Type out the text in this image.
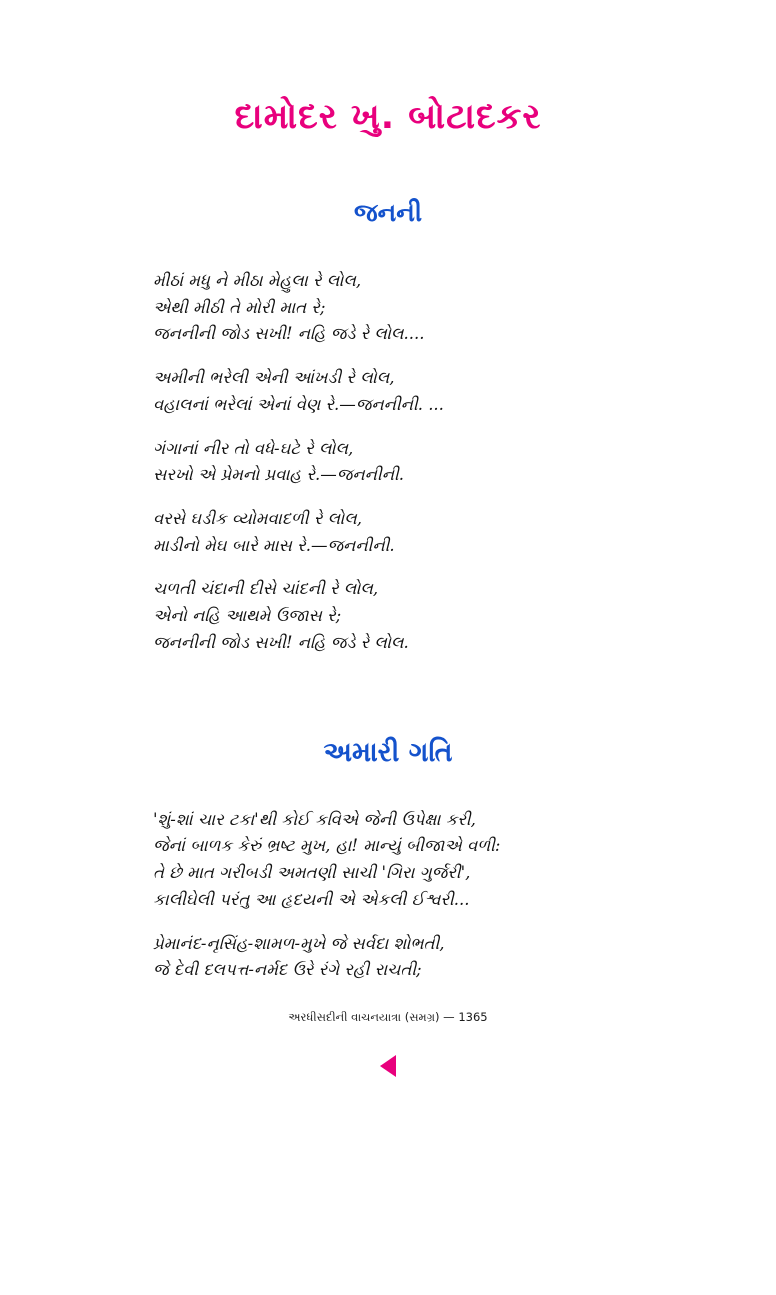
દામોદર ખુ. બોટાદકર
જનની
મીઠાં મધુ ને મીઠા મેહુલા રે લોલ,
એથી મીઠી તે મોરી માત રે;
જનનીની જોડ સખી! નહિ જડે રે લોલ....
અમીની ભરેલી એની આંખડી રે લોલ,
વહાલનાં ભરેલાં એનાં વેણ રે.—જનનીની. ...
ગંગાનાં નીર તો વધે-ઘટે રે લોલ,
સરખો એ પ્રેમનો પ્રવાહ રે.—જનનીની.
વરસે ઘડીક વ્યોમવાદળી રે લોલ,
માડીનો મેઘ બારે માસ રે.—જનનીની.
ચળતી ચંદાની દીસે ચાંદની રે લોલ,
એનો નહિ આથમે ઉજાસ રે;
જનનીની જોડ સખી! નહિ જડે રે લોલ.
અમારી ગતિ
'શું-શાં ચાર ટકા'થી કોઈ કવિએ જેની ઉપેક્ષા કરી,
જેનાં બાળક કેરું ભ્રષ્ટ મુખ, હા! માન્યું બીજાએ વળી:
તે છે માત ગરીબડી અમતણી સાચી 'ગિરા ગુર્જરી',
કાલીઘેલી પરંતુ આ હૃદયની એ એકલી ઈશ્વરી...
પ્રેમાનંદ-નૃસિંહ-શામળ-મુખે જે સર્વદા શોભતી,
જે દેવી દલપત્ત-નર્મદ ઉરે રંગે રહી રાચતી;
અરધીસદીની વાચનયાત્રા (સમગ્ર) — 1365
